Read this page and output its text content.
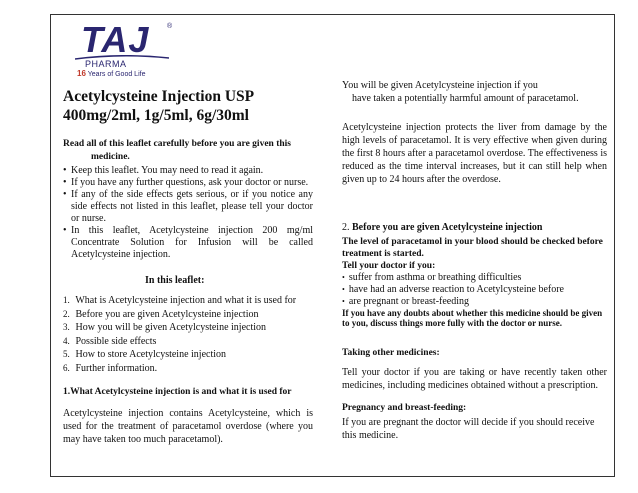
TAJ	®
PHARMA
16 Years of Good Life
Acetylcysteine Injection USP
400mg/2ml, 1g/5ml, 6g/30ml
Read all of this leaflet carefully before you are given this
medicine.
• Keep this leaflet. You may need to read it again.
• If you have any further questions, ask your doctor or nurse.
• If any of the side effects gets serious, or if you notice any side effects not listed in this leaflet, please tell your doctor or nurse.
• In this leaflet, Acetylcysteine injection 200 mg/ml Concentrate Solution for Infusion will be called Acetylcysteine injection.
In this leaflet:
1. What is Acetylcysteine injection and what it is used for
2. Before you are given Acetylcysteine injection
3. How you will be given Acetylcysteine injection
4. Possible side effects
5. How to store Acetylcysteine injection
6. Further information.
1.What Acetylcysteine injection is and what it is used for
Acetylcysteine injection contains Acetylcysteine, which is used for the treatment of paracetamol overdose (where you may have taken too much paracetamol).
You will be given Acetylcysteine injection if you
have taken a potentially harmful amount of paracetamol.
Acetylcysteine injection protects the liver from damage by the high levels of paracetamol. It is very effective when given during the first 8 hours after a paracetamol overdose. The effectiveness is reduced as the time interval increases, but it can still help when given up to 24 hours after the overdose.
2. Before you are given Acetylcysteine injection
The level of paracetamol in your blood should be checked before treatment is started.
Tell your doctor if you:
• suffer from asthma or breathing difficulties
• have had an adverse reaction to Acetylcysteine before
• are pregnant or breast-feeding
If you have any doubts about whether this medicine should be given to you, discuss things more fully with the doctor or nurse.
Taking other medicines:
Tell your doctor if you are taking or have recently taken other medicines, including medicines obtained without a prescription.
Pregnancy and breast-feeding:
If you are pregnant the doctor will decide if you should receive this medicine.
